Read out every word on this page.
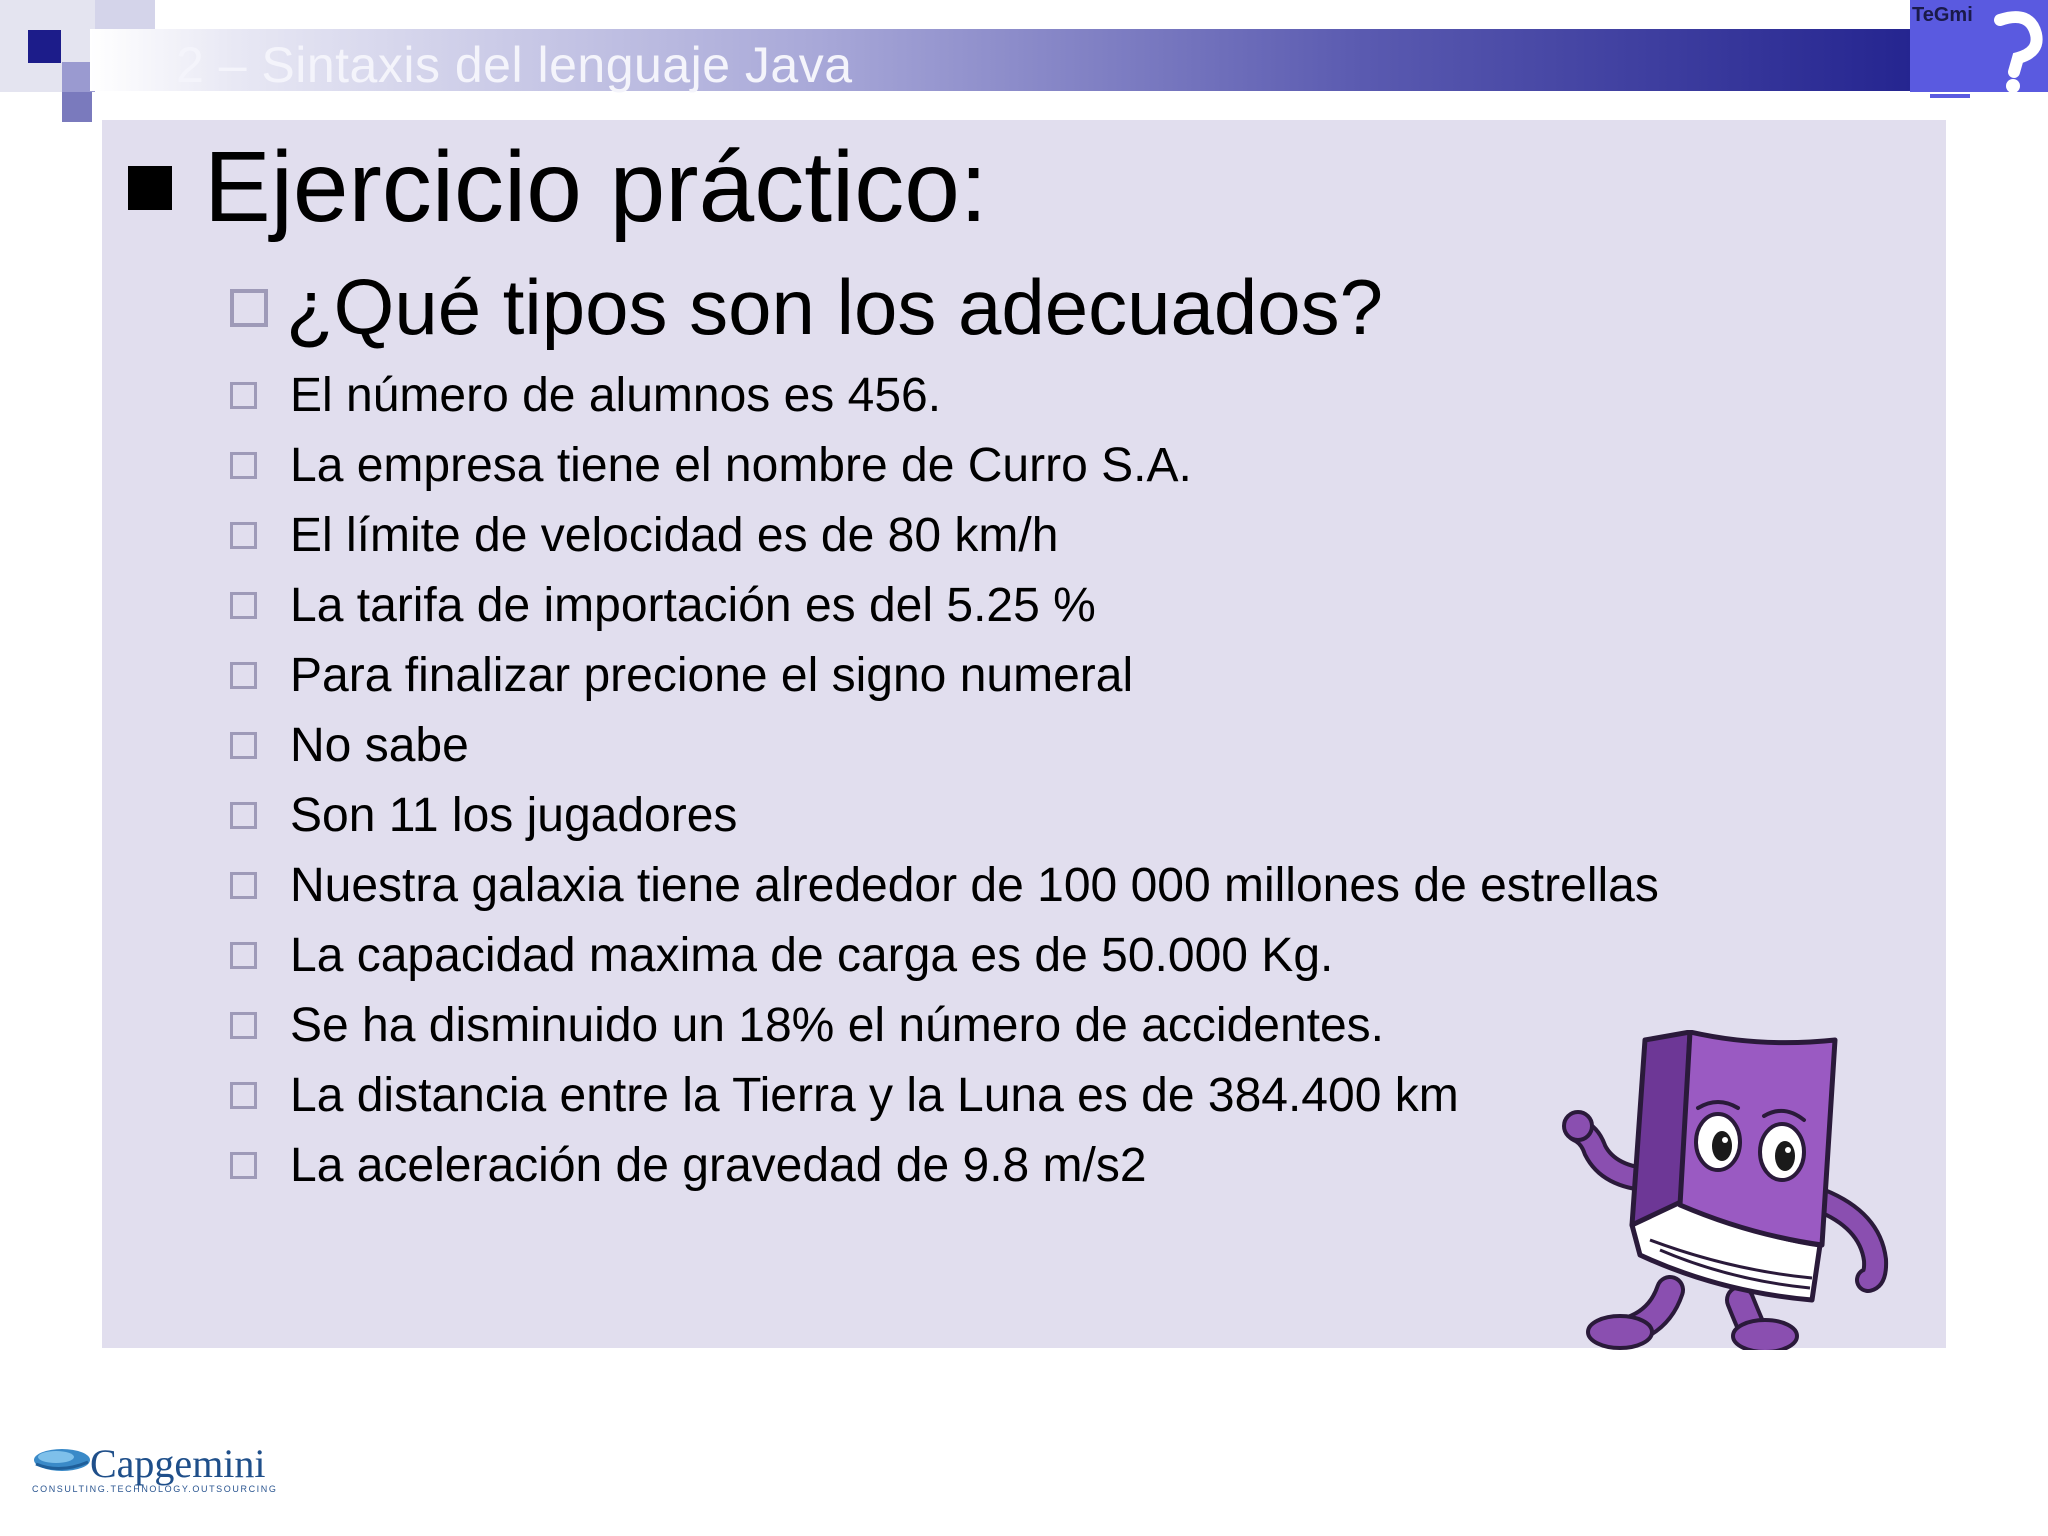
2 – Sintaxis del lenguaje Java
TeGmi
Ejercicio práctico:
¿Qué tipos son los adecuados?
El número de alumnos es 456.
La empresa tiene el nombre de Curro S.A.
El límite de velocidad es de 80 km/h
La tarifa de importación es del 5.25 %
Para finalizar precione el signo numeral
No sabe
Son 11 los jugadores
Nuestra galaxia tiene alrededor de 100 000 millones de estrellas
La capacidad maxima de carga es de 50.000 Kg.
Se ha disminuido un 18% el número de accidentes.
La distancia entre la Tierra y la Luna es de 384.400 km
La aceleración de gravedad de 9.8 m/s2
Capgemini
CONSULTING.TECHNOLOGY.OUTSOURCING
